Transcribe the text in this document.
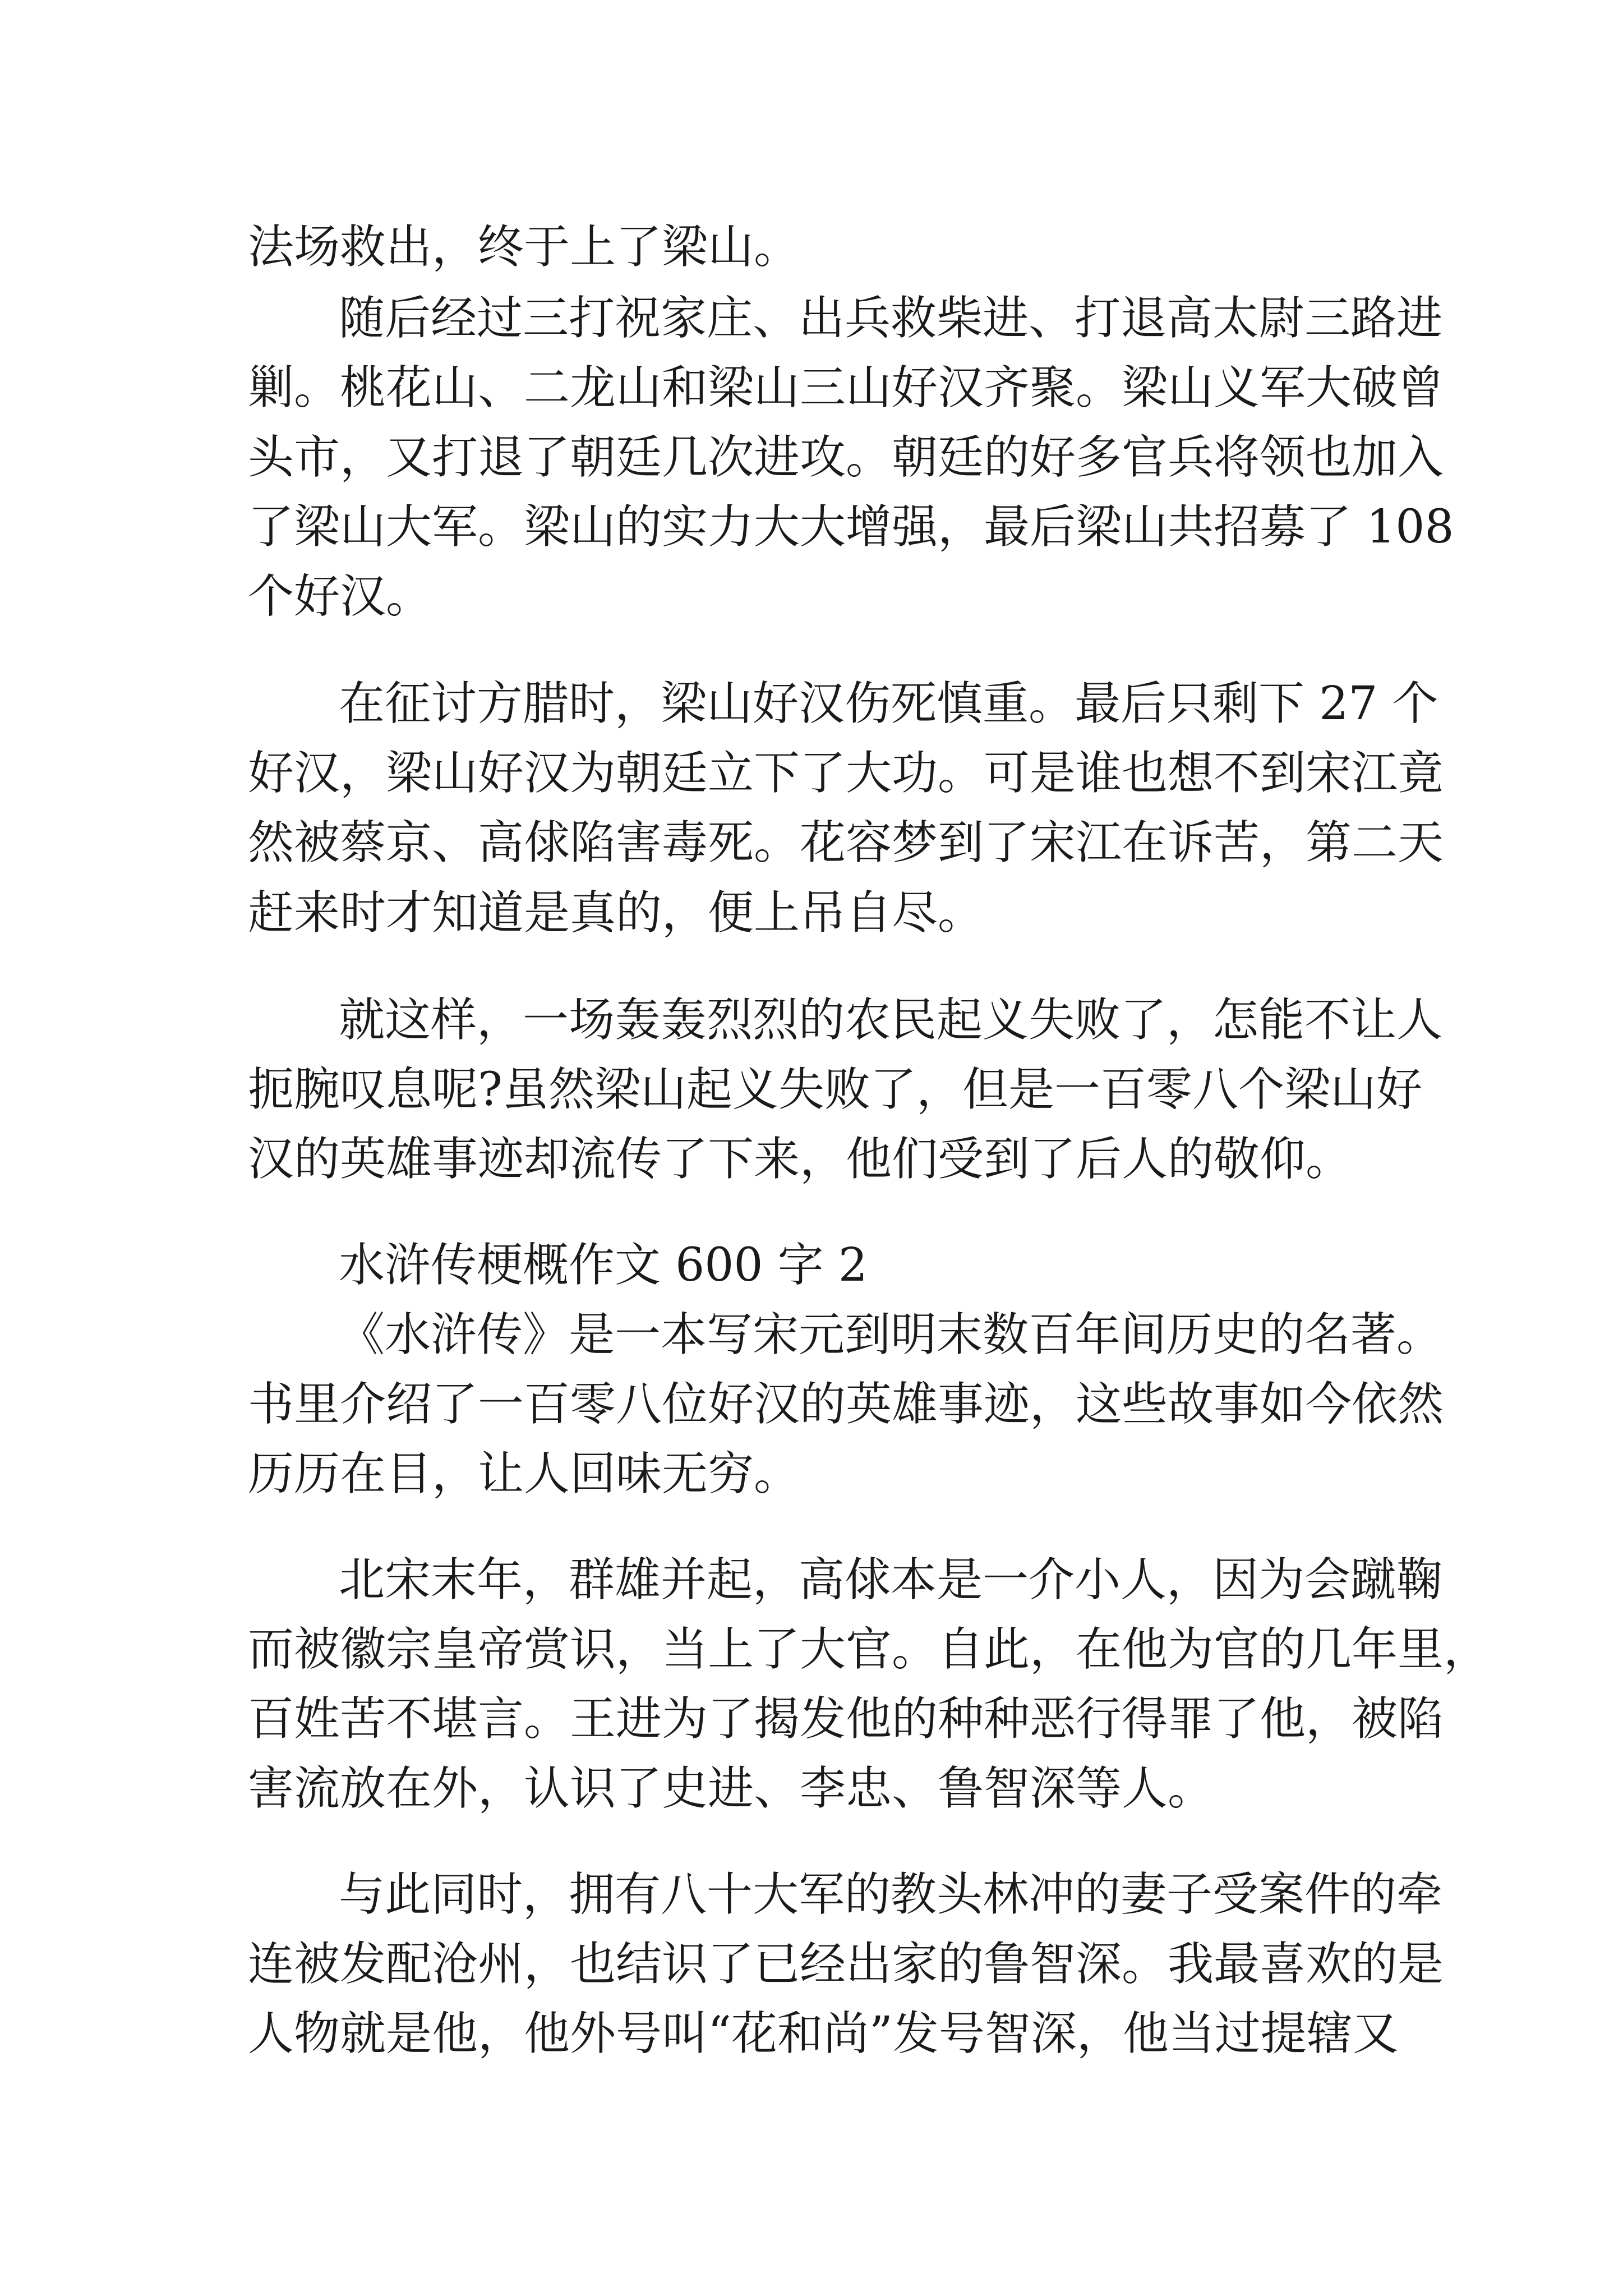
法场救出，终于上了梁山。

随后经过三打祝家庄、出兵救柴进、打退高太尉三路进

剿。桃花山、二龙山和梁山三山好汉齐聚。梁山义军大破曾

头市，又打退了朝廷几次进攻。朝廷的好多官兵将领也加入

了梁山大军。梁山的实力大大增强，最后梁山共招募了 108

个好汉。

在征讨方腊时，梁山好汉伤死慎重。最后只剩下 27 个

好汉，梁山好汉为朝廷立下了大功。可是谁也想不到宋江竟

然被蔡京、高俅陷害毒死。花容梦到了宋江在诉苦，第二天

赶来时才知道是真的，便上吊自尽。

就这样，一场轰轰烈烈的农民起义失败了，怎能不让人

扼腕叹息呢?虽然梁山起义失败了，但是一百零八个梁山好

汉的英雄事迹却流传了下来，他们受到了后人的敬仰。

水浒传梗概作文 600 字 2

《水浒传》是一本写宋元到明末数百年间历史的名著。

书里介绍了一百零八位好汉的英雄事迹，这些故事如今依然

历历在目，让人回味无穷。

北宋末年，群雄并起，高俅本是一介小人，因为会蹴鞠

而被徽宗皇帝赏识，当上了大官。自此，在他为官的几年里，

百姓苦不堪言。王进为了揭发他的种种恶行得罪了他，被陷

害流放在外，认识了史进、李忠、鲁智深等人。

与此同时，拥有八十大军的教头林冲的妻子受案件的牵

连被发配沧州，也结识了已经出家的鲁智深。我最喜欢的是

人物就是他，他外号叫“花和尚”发号智深，他当过提辖又
